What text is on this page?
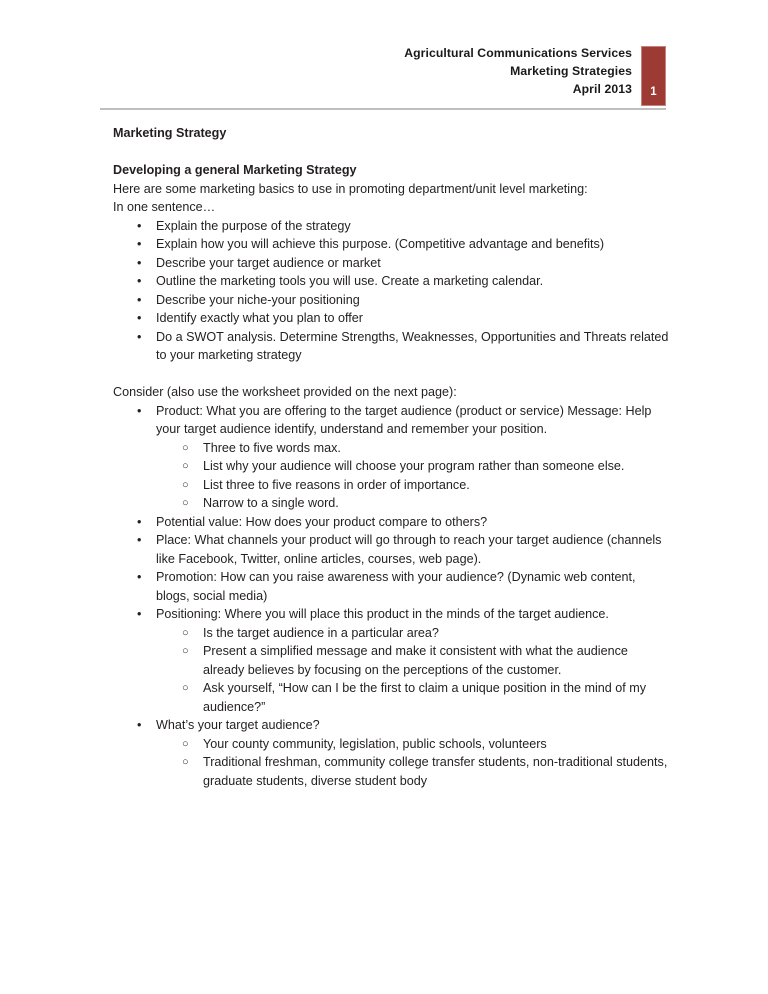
Agricultural Communications Services
Marketing Strategies
April 2013	1

Marketing Strategy

Developing a general Marketing Strategy

Here are some marketing basics to use in promoting department/unit level marketing:

In one sentence…

• Explain the purpose of the strategy
• Explain how you will achieve this purpose. (Competitive advantage and benefits)
• Describe your target audience or market
• Outline the marketing tools you will use. Create a marketing calendar.
• Describe your niche-your positioning
• Identify exactly what you plan to offer
• Do a SWOT analysis. Determine Strengths, Weaknesses, Opportunities and Threats related to your marketing strategy

Consider (also use the worksheet provided on the next page):

• Product: What you are offering to the target audience (product or service) Message: Help your target audience identify, understand and remember your position.
○ Three to five words max.
○ List why your audience will choose your program rather than someone else.
○ List three to five reasons in order of importance.
○ Narrow to a single word.
• Potential value: How does your product compare to others?
• Place: What channels your product will go through to reach your target audience (channels like Facebook, Twitter, online articles, courses, web page).
• Promotion: How can you raise awareness with your audience? (Dynamic web content, blogs, social media)
• Positioning: Where you will place this product in the minds of the target audience.
○ Is the target audience in a particular area?
○ Present a simplified message and make it consistent with what the audience already believes by focusing on the perceptions of the customer.
○ Ask yourself, “How can I be the first to claim a unique position in the mind of my audience?”
• What’s your target audience?
○ Your county community, legislation, public schools, volunteers
○ Traditional freshman, community college transfer students, non-traditional students, graduate students, diverse student body
